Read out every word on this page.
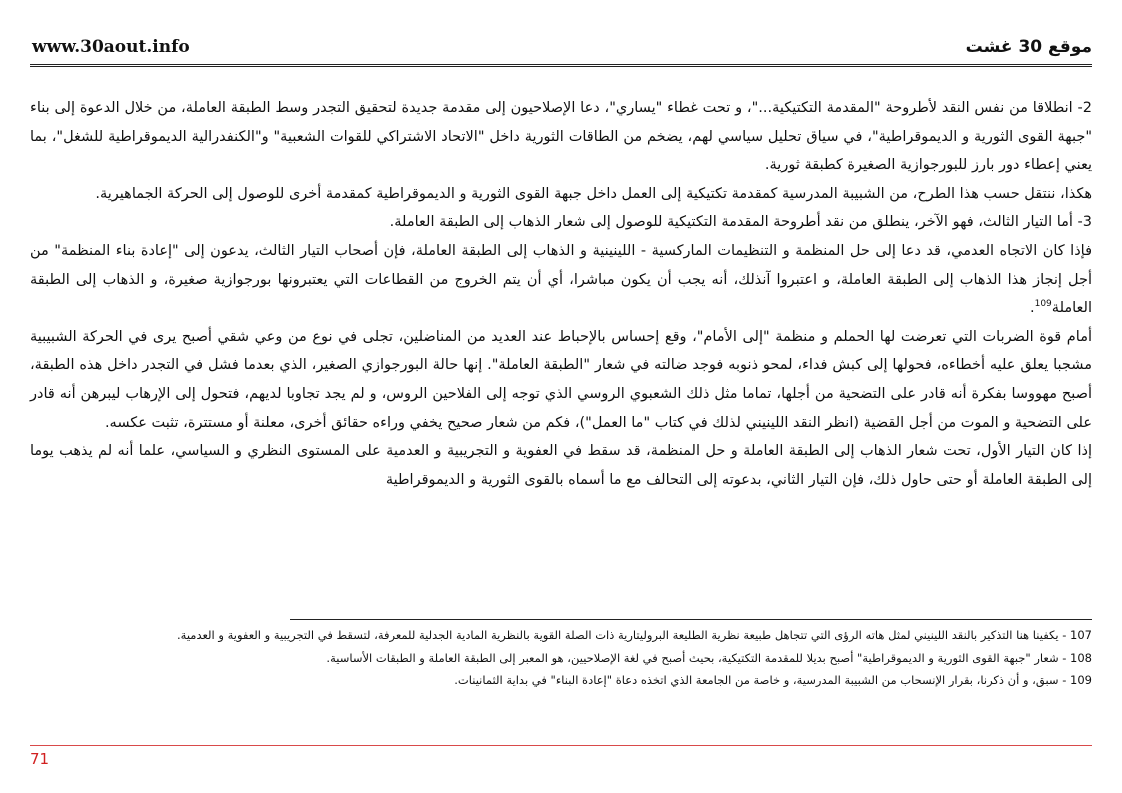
www.30aout.info	موقع 30 غشت

2- انطلاقا من نفس النقد لأطروحة "المقدمة التكتيكية..."، و تحت غطاء "يساري"، دعا الإصلاحيون إلى مقدمة جديدة لتحقيق التجدر وسط الطبقة العاملة، من خلال الدعوة إلى بناء "جبهة القوى الثورية و الديموقراطية"، في سياق تحليل سياسي لهم، يضخم من الطاقات الثورية داخل "الاتحاد الاشتراكي للقوات الشعبية" و"الكنفدرالية الديموقراطية للشغل"، بما يعني إعطاء دور بارز للبورجوازية الصغيرة كطبقة ثورية.

هكذا، ننتقل حسب هذا الطرح، من الشبيبة المدرسية كمقدمة تكتيكية إلى العمل داخل جبهة القوى الثورية و الديموقراطية كمقدمة أخرى للوصول إلى الحركة الجماهيرية.

3- أما التيار الثالث، فهو الآخر، ينطلق من نقد أطروحة المقدمة التكتيكية للوصول إلى شعار الذهاب إلى الطبقة العاملة.

فإذا كان الاتجاه العدمي، قد دعا إلى حل المنظمة و التنظيمات الماركسية - اللينينية و الذهاب إلى الطبقة العاملة، فإن أصحاب التيار الثالث، يدعون إلى "إعادة بناء المنظمة" من أجل إنجاز هذا الذهاب إلى الطبقة العاملة، و اعتبروا آنذلك، أنه يجب أن يكون مباشرا، أي أن يتم الخروج من القطاعات التي يعتبرونها بورجوازية صغيرة، و الذهاب إلى الطبقة العاملة$^{109}$.

أمام قوة الضربات التي تعرضت لها الحملم و منظمة "إلى الأمام"، وقع إحساس بالإحباط عند العديد من المناضلين، تجلى في نوع من وعي شقي أصبح يرى في الحركة الشبيبية مشجبا يعلق عليه أخطاءه، فحولها إلى كبش فداء، لمحو ذنوبه فوجد ضالته في شعار "الطبقة العاملة". إنها حالة البورجوازي الصغير، الذي بعدما فشل في التجدر داخل هذه الطبقة، أصبح مهووسا بفكرة أنه قادر على التضحية من أجلها، تماما مثل ذلك الشعبوي الروسي الذي توجه إلى الفلاحين الروس، و لم يجد تجاوبا لديهم، فتحول إلى الإرهاب ليبرهن أنه قادر على التضحية و الموت من أجل القضية (انظر النقد اللينيني لذلك في كتاب "ما العمل")، فكم من شعار صحيح يخفي وراءه حقائق أخرى، معلنة أو مستترة، تثبت عكسه.

إذا كان التيار الأول، تحت شعار الذهاب إلى الطبقة العاملة و حل المنظمة، قد سقط في العفوية و التجريبية و العدمية على المستوى النظري و السياسي، علما أنه لم يذهب يوما إلى الطبقة العاملة أو حتى حاول ذلك، فإن التيار الثاني، بدعوته إلى التحالف مع ما أسماه بالقوى الثورية و الديموقراطية

107 - يكفينا هنا التذكير بالنقد اللينيني لمثل هاته الرؤى التي تتجاهل طبيعة نظرية الطليعة البروليتارية ذات الصلة القوية بالنظرية المادية الجدلية للمعرفة، لتسقط في التجريبية و العفوية و العدمية.

108 - شعار "جبهة القوى الثورية و الديموقراطية" أصبح بديلا للمقدمة التكتيكية، بحيث أصبح في لغة الإصلاحيين، هو المعبر إلى الطبقة العاملة و الطبقات الأساسية.

109 - سبق، و أن ذكرنا، بقرار الإنسحاب من الشبيبة المدرسية، و خاصة من الجامعة الذي اتخذه دعاة "إعادة البناء" في بداية الثمانينات.

71
